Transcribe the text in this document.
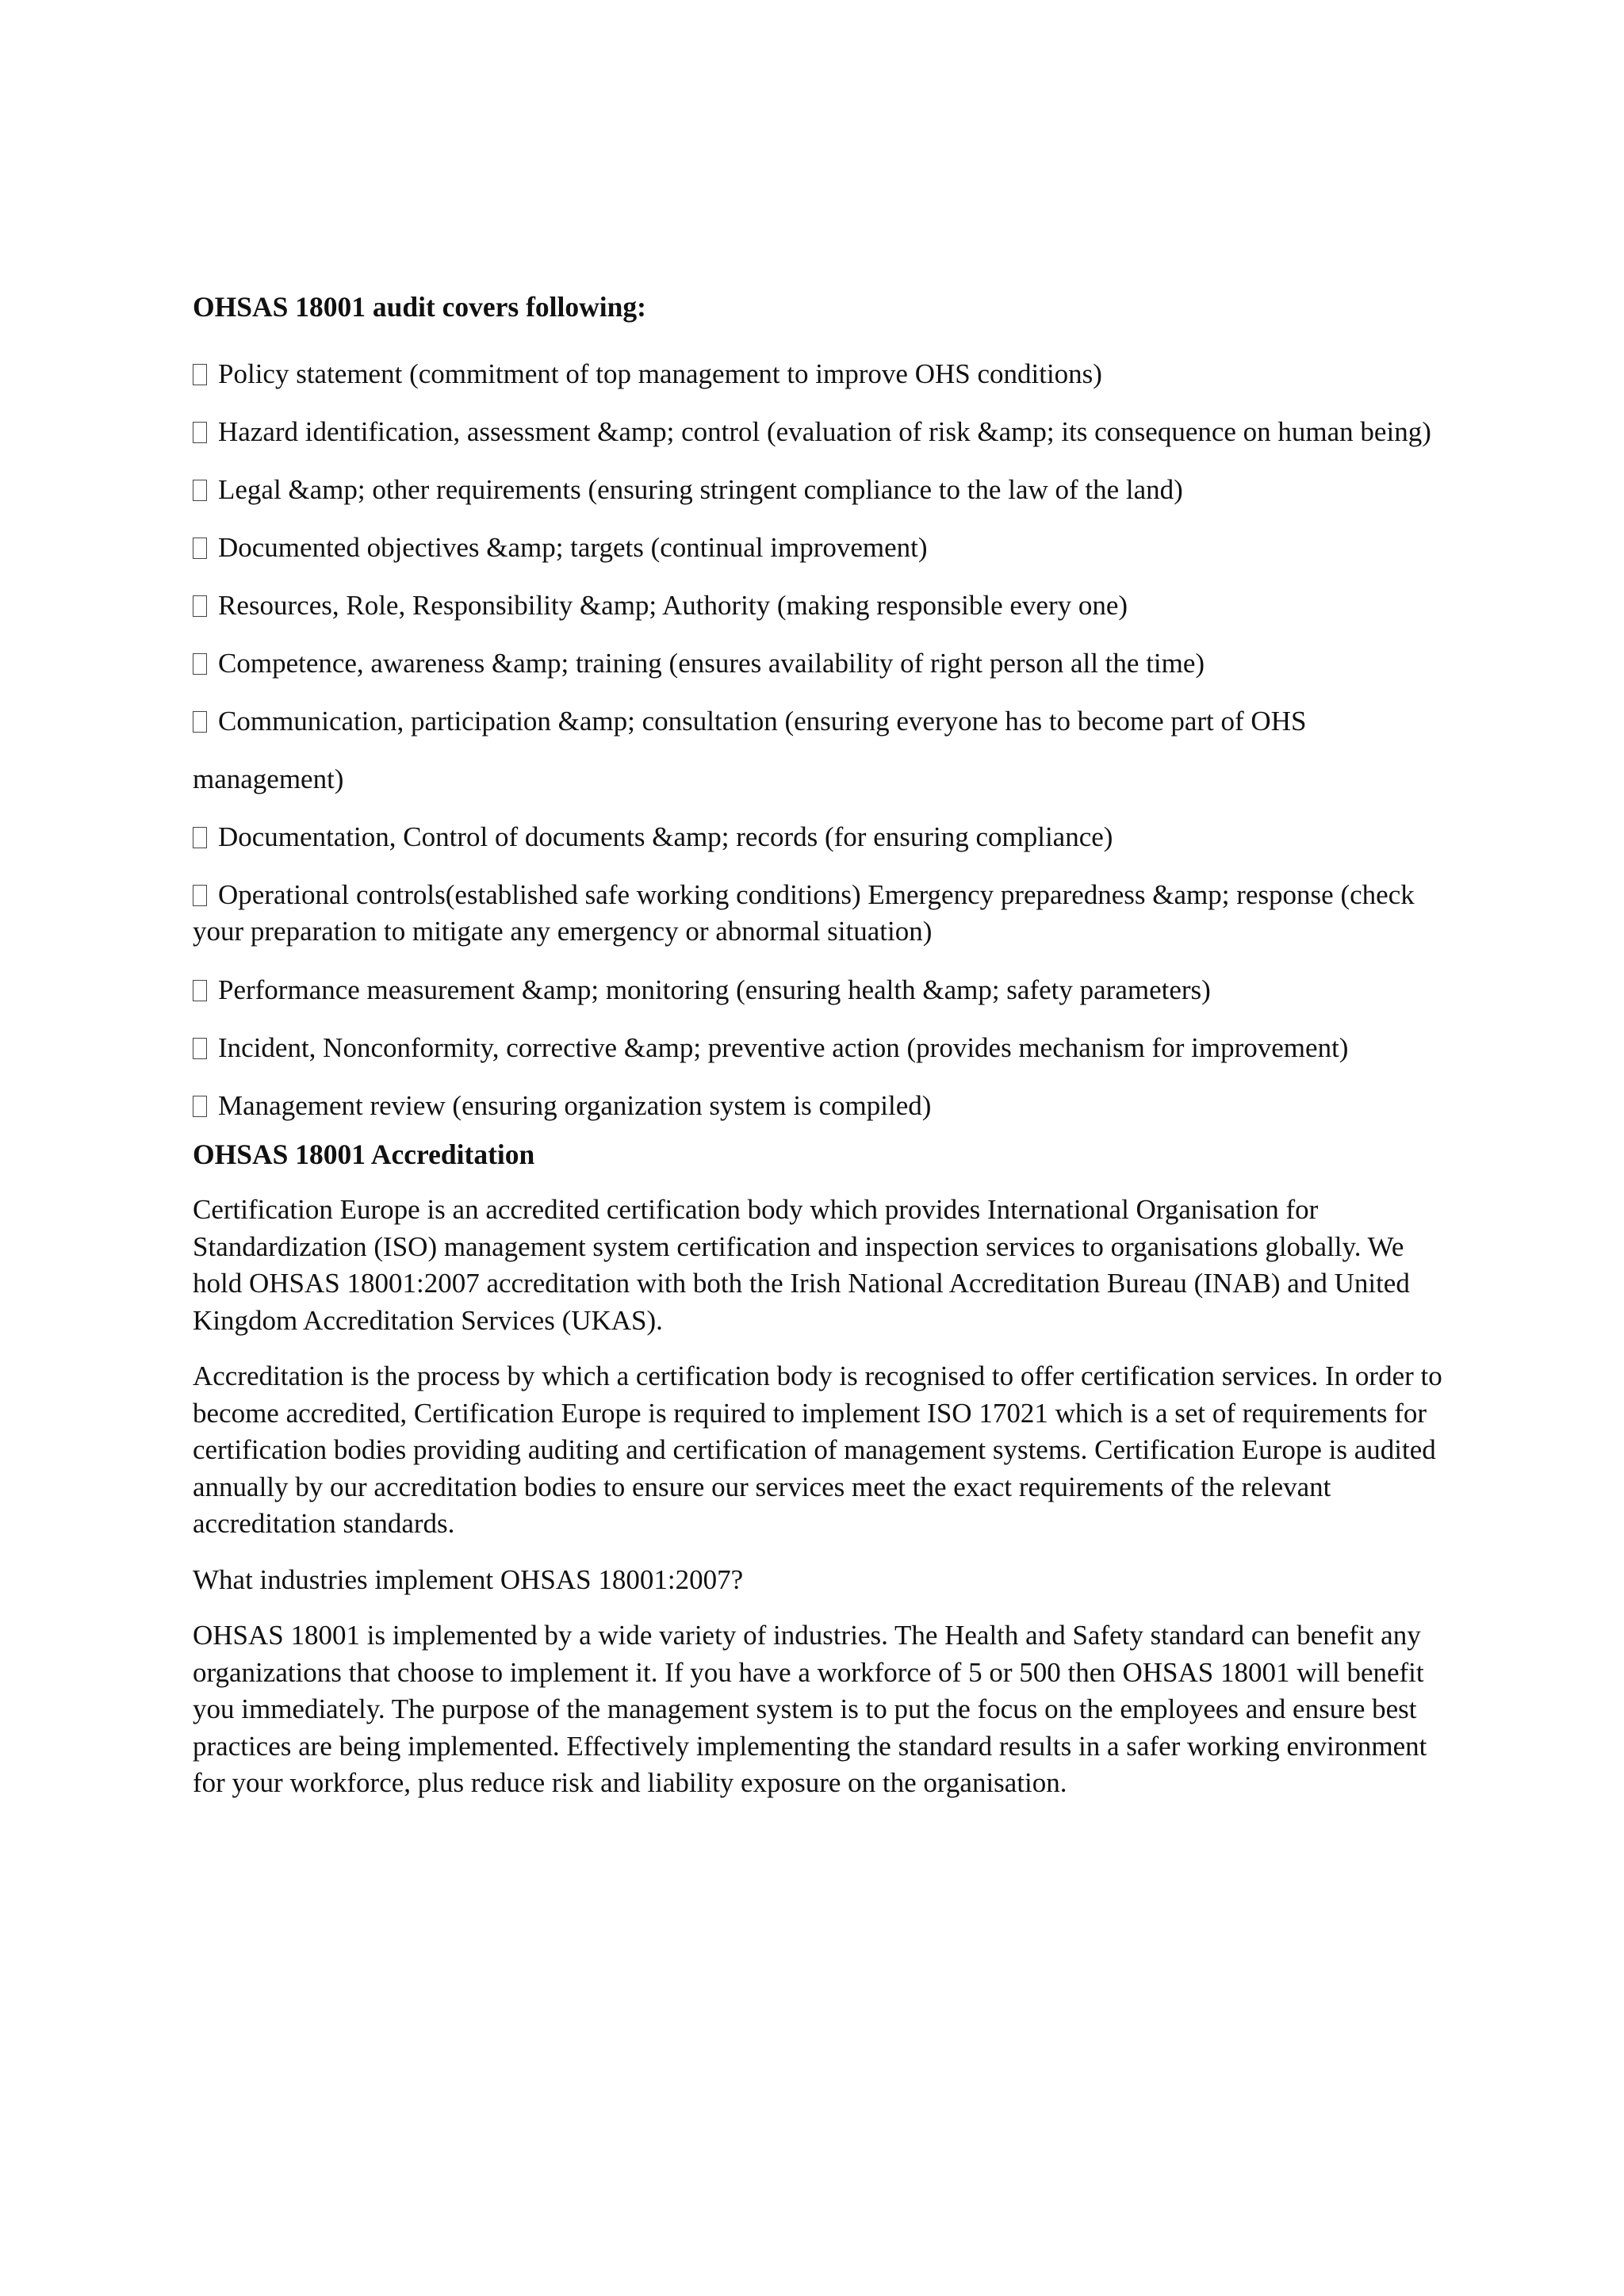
OHSAS 18001 audit covers following:
Policy statement (commitment of top management to improve OHS conditions)
Hazard identification, assessment &amp; control (evaluation of risk &amp; its consequence on human being)
Legal &amp; other requirements (ensuring stringent compliance to the law of the land)
Documented objectives &amp; targets (continual improvement)
Resources, Role, Responsibility &amp; Authority (making responsible every one)
Competence, awareness &amp; training (ensures availability of right person all the time)
Communication, participation &amp; consultation (ensuring everyone has to become part of OHS management)
Documentation, Control of documents &amp; records (for ensuring compliance)
Operational controls(established safe working conditions) Emergency preparedness &amp; response (check your preparation to mitigate any emergency or abnormal situation)
Performance measurement &amp; monitoring (ensuring health &amp; safety parameters)
Incident, Nonconformity, corrective &amp; preventive action (provides mechanism for improvement)
Management review (ensuring organization system is compiled)
OHSAS 18001 Accreditation

Certification Europe is an accredited certification body which provides International Organisation for Standardization (ISO) management system certification and inspection services to organisations globally. We hold OHSAS 18001:2007 accreditation with both the Irish National Accreditation Bureau (INAB) and United Kingdom Accreditation Services (UKAS).

Accreditation is the process by which a certification body is recognised to offer certification services. In order to become accredited, Certification Europe is required to implement ISO 17021 which is a set of requirements for certification bodies providing auditing and certification of management systems. Certification Europe is audited annually by our accreditation bodies to ensure our services meet the exact requirements of the relevant accreditation standards.

What industries implement OHSAS 18001:2007?

OHSAS 18001 is implemented by a wide variety of industries. The Health and Safety standard can benefit any organizations that choose to implement it. If you have a workforce of 5 or 500 then OHSAS 18001 will benefit you immediately. The purpose of the management system is to put the focus on the employees and ensure best practices are being implemented. Effectively implementing the standard results in a safer working environment for your workforce, plus reduce risk and liability exposure on the organisation.
